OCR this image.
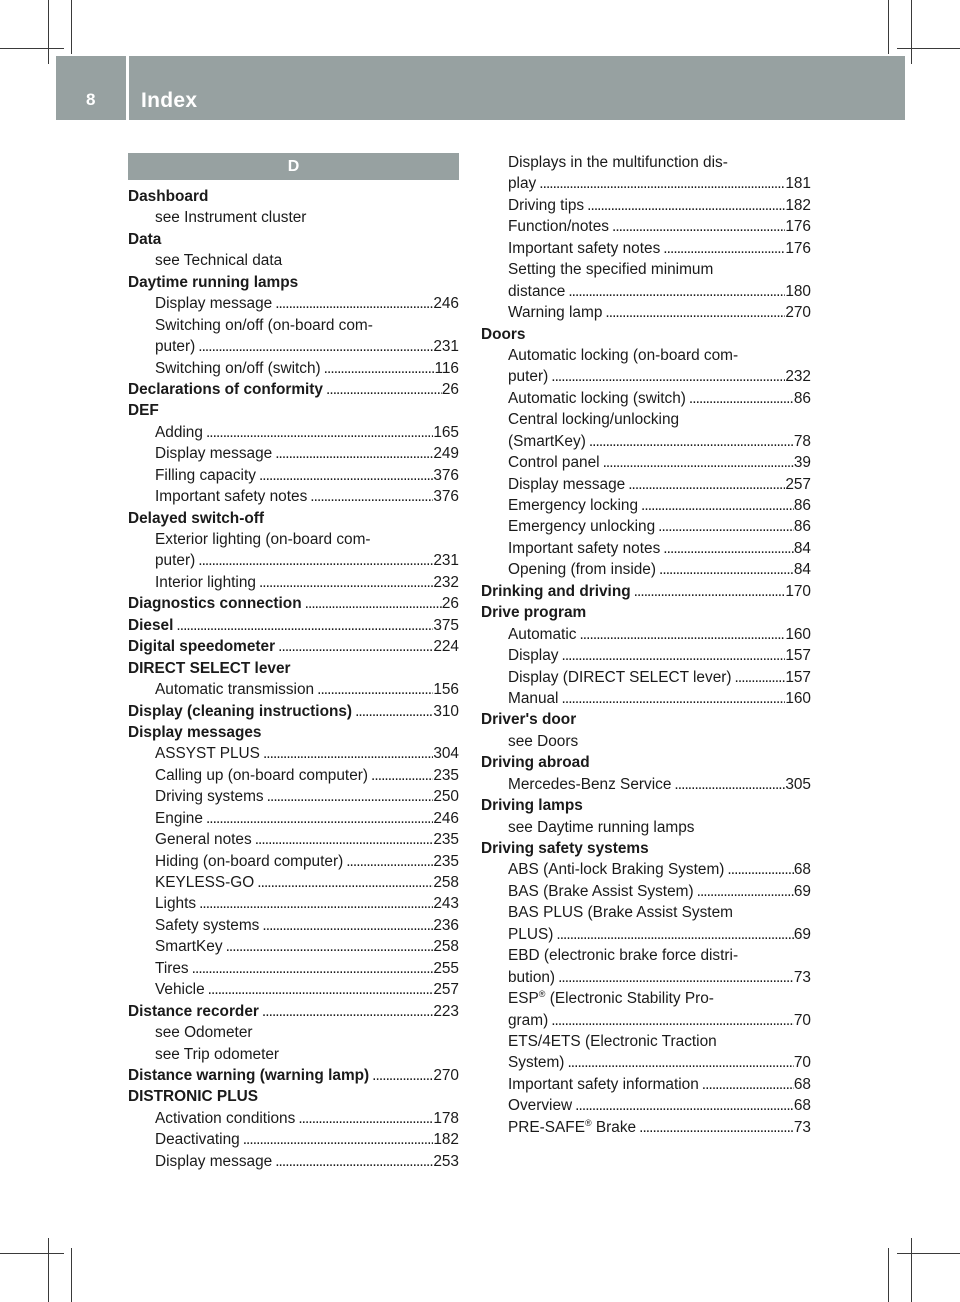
8 Index
D
Dashboard
see Instrument cluster
Data
see Technical data
Daytime running lamps
Display message . . .	246
Switching on/off (on-board com-
puter) . . .	231
Switching on/off (switch) . . .	116
Declarations of conformity . . .	26
DEF
Adding . . .	165
Display message . . .	249
Filling capacity . . .	376
Important safety notes . . .	376
Delayed switch-off
Exterior lighting (on-board com-
puter) . . .	231
Interior lighting . . .	232
Diagnostics connection . . .	26
Diesel . . .	375
Digital speedometer . . .	224
DIRECT SELECT lever
Automatic transmission . . .	156
Display (cleaning instructions) . . .	310
Display messages
ASSYST PLUS . . .	304
Calling up (on-board computer) . . .	235
Driving systems . . .	250
Engine . . .	246
General notes . . .	235
Hiding (on-board computer) . . .	235
KEYLESS-GO . . .	258
Lights . . .	243
Safety systems . . .	236
SmartKey . . .	258
Tires . . .	255
Vehicle . . .	257
Distance recorder . . .	223
see Odometer
see Trip odometer
Distance warning (warning lamp) . . .	270
DISTRONIC PLUS
Activation conditions . . .	178
Deactivating . . .	182
Display message . . .	253
Displays in the multifunction dis-
play . . .	181
Driving tips . . .	182
Function/notes . . .	176
Important safety notes . . .	176
Setting the specified minimum
distance . . .	180
Warning lamp . . .	270
Doors
Automatic locking (on-board com-
puter) . . .	232
Automatic locking (switch) . . .	86
Central locking/unlocking
(SmartKey) . . .	78
Control panel . . .	39
Display message . . .	257
Emergency locking . . .	86
Emergency unlocking . . .	86
Important safety notes . . .	84
Opening (from inside) . . .	84
Drinking and driving . . .	170
Drive program
Automatic . . .	160
Display . . .	157
Display (DIRECT SELECT lever) . . .	157
Manual . . .	160
Driver's door
see Doors
Driving abroad
Mercedes-Benz Service . . .	305
Driving lamps
see Daytime running lamps
Driving safety systems
ABS (Anti-lock Braking System) . . .	68
BAS (Brake Assist System) . . .	69
BAS PLUS (Brake Assist System
PLUS) . . .	69
EBD (electronic brake force distri-
bution) . . .	73
ESP® (Electronic Stability Pro-
gram) . . .	70
ETS/4ETS (Electronic Traction
System) . . .	70
Important safety information . . .	68
Overview . . .	68
PRE-SAFE® Brake . . .	73
